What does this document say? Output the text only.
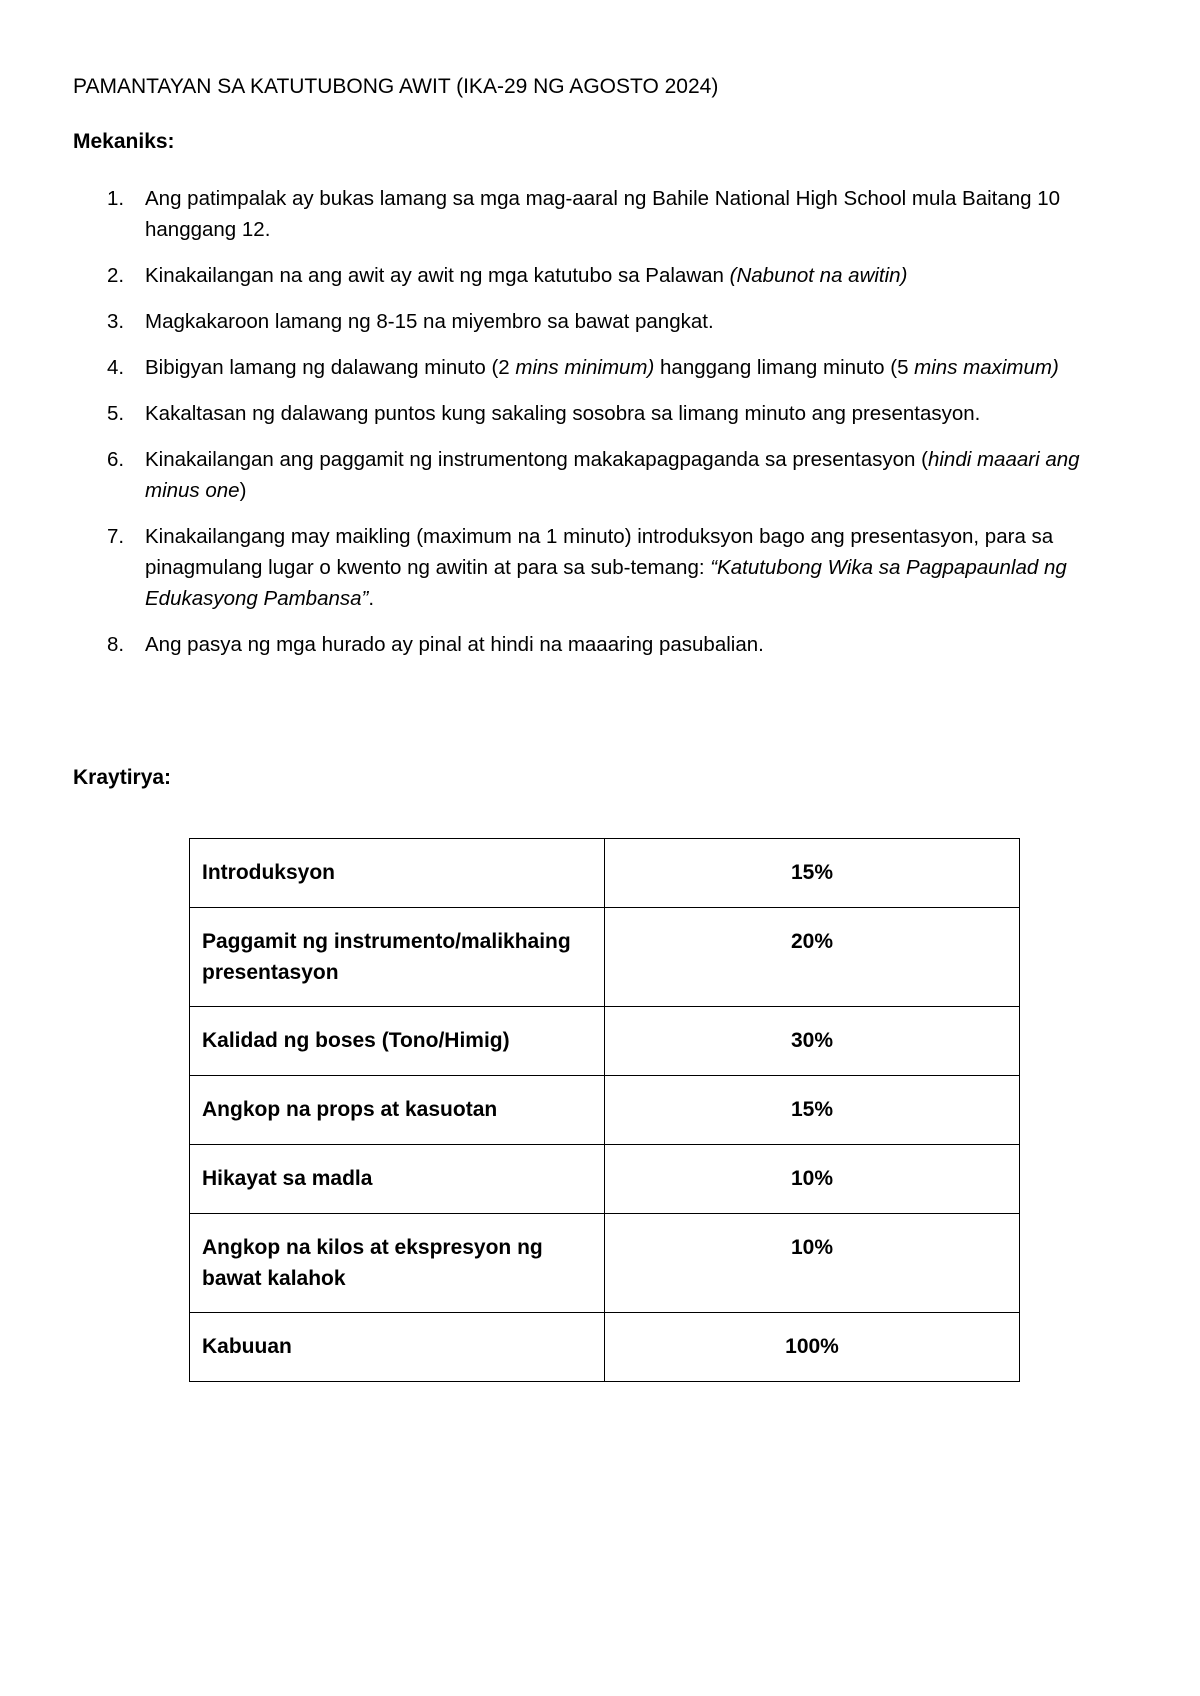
PAMANTAYAN SA KATUTUBONG AWIT (IKA-29 NG AGOSTO 2024)
Mekaniks:
1. Ang patimpalak ay bukas lamang sa mga mag-aaral ng Bahile National High School mula Baitang 10 hanggang 12.
2. Kinakailangan na ang awit ay awit ng mga katutubo sa Palawan (Nabunot na awitin)
3. Magkakaroon lamang ng 8-15 na miyembro sa bawat pangkat.
4. Bibigyan lamang ng dalawang minuto (2 mins minimum) hanggang limang minuto (5 mins maximum)
5. Kakaltasan ng dalawang puntos kung sakaling sosobra sa limang minuto ang presentasyon.
6. Kinakailangan ang paggamit ng instrumentong makakapagpaganda sa presentasyon (hindi maaari ang minus one)
7. Kinakailangang may maikling (maximum na 1 minuto) introduksyon bago ang presentasyon, para sa pinagmulang lugar o kwento ng awitin at para sa sub-temang: “Katutubong Wika sa Pagpapaunlad ng Edukasyong Pambansa”.
8. Ang pasya ng mga hurado ay pinal at hindi na maaaring pasubalian.
Kraytirya:
Introduksyon	15%
Paggamit ng instrumento/malikhaing presentasyon	20%
Kalidad ng boses (Tono/Himig)	30%
Angkop na props at kasuotan	15%
Hikayat sa madla	10%
Angkop na kilos at ekspresyon ng bawat kalahok	10%
Kabuuan	100%
